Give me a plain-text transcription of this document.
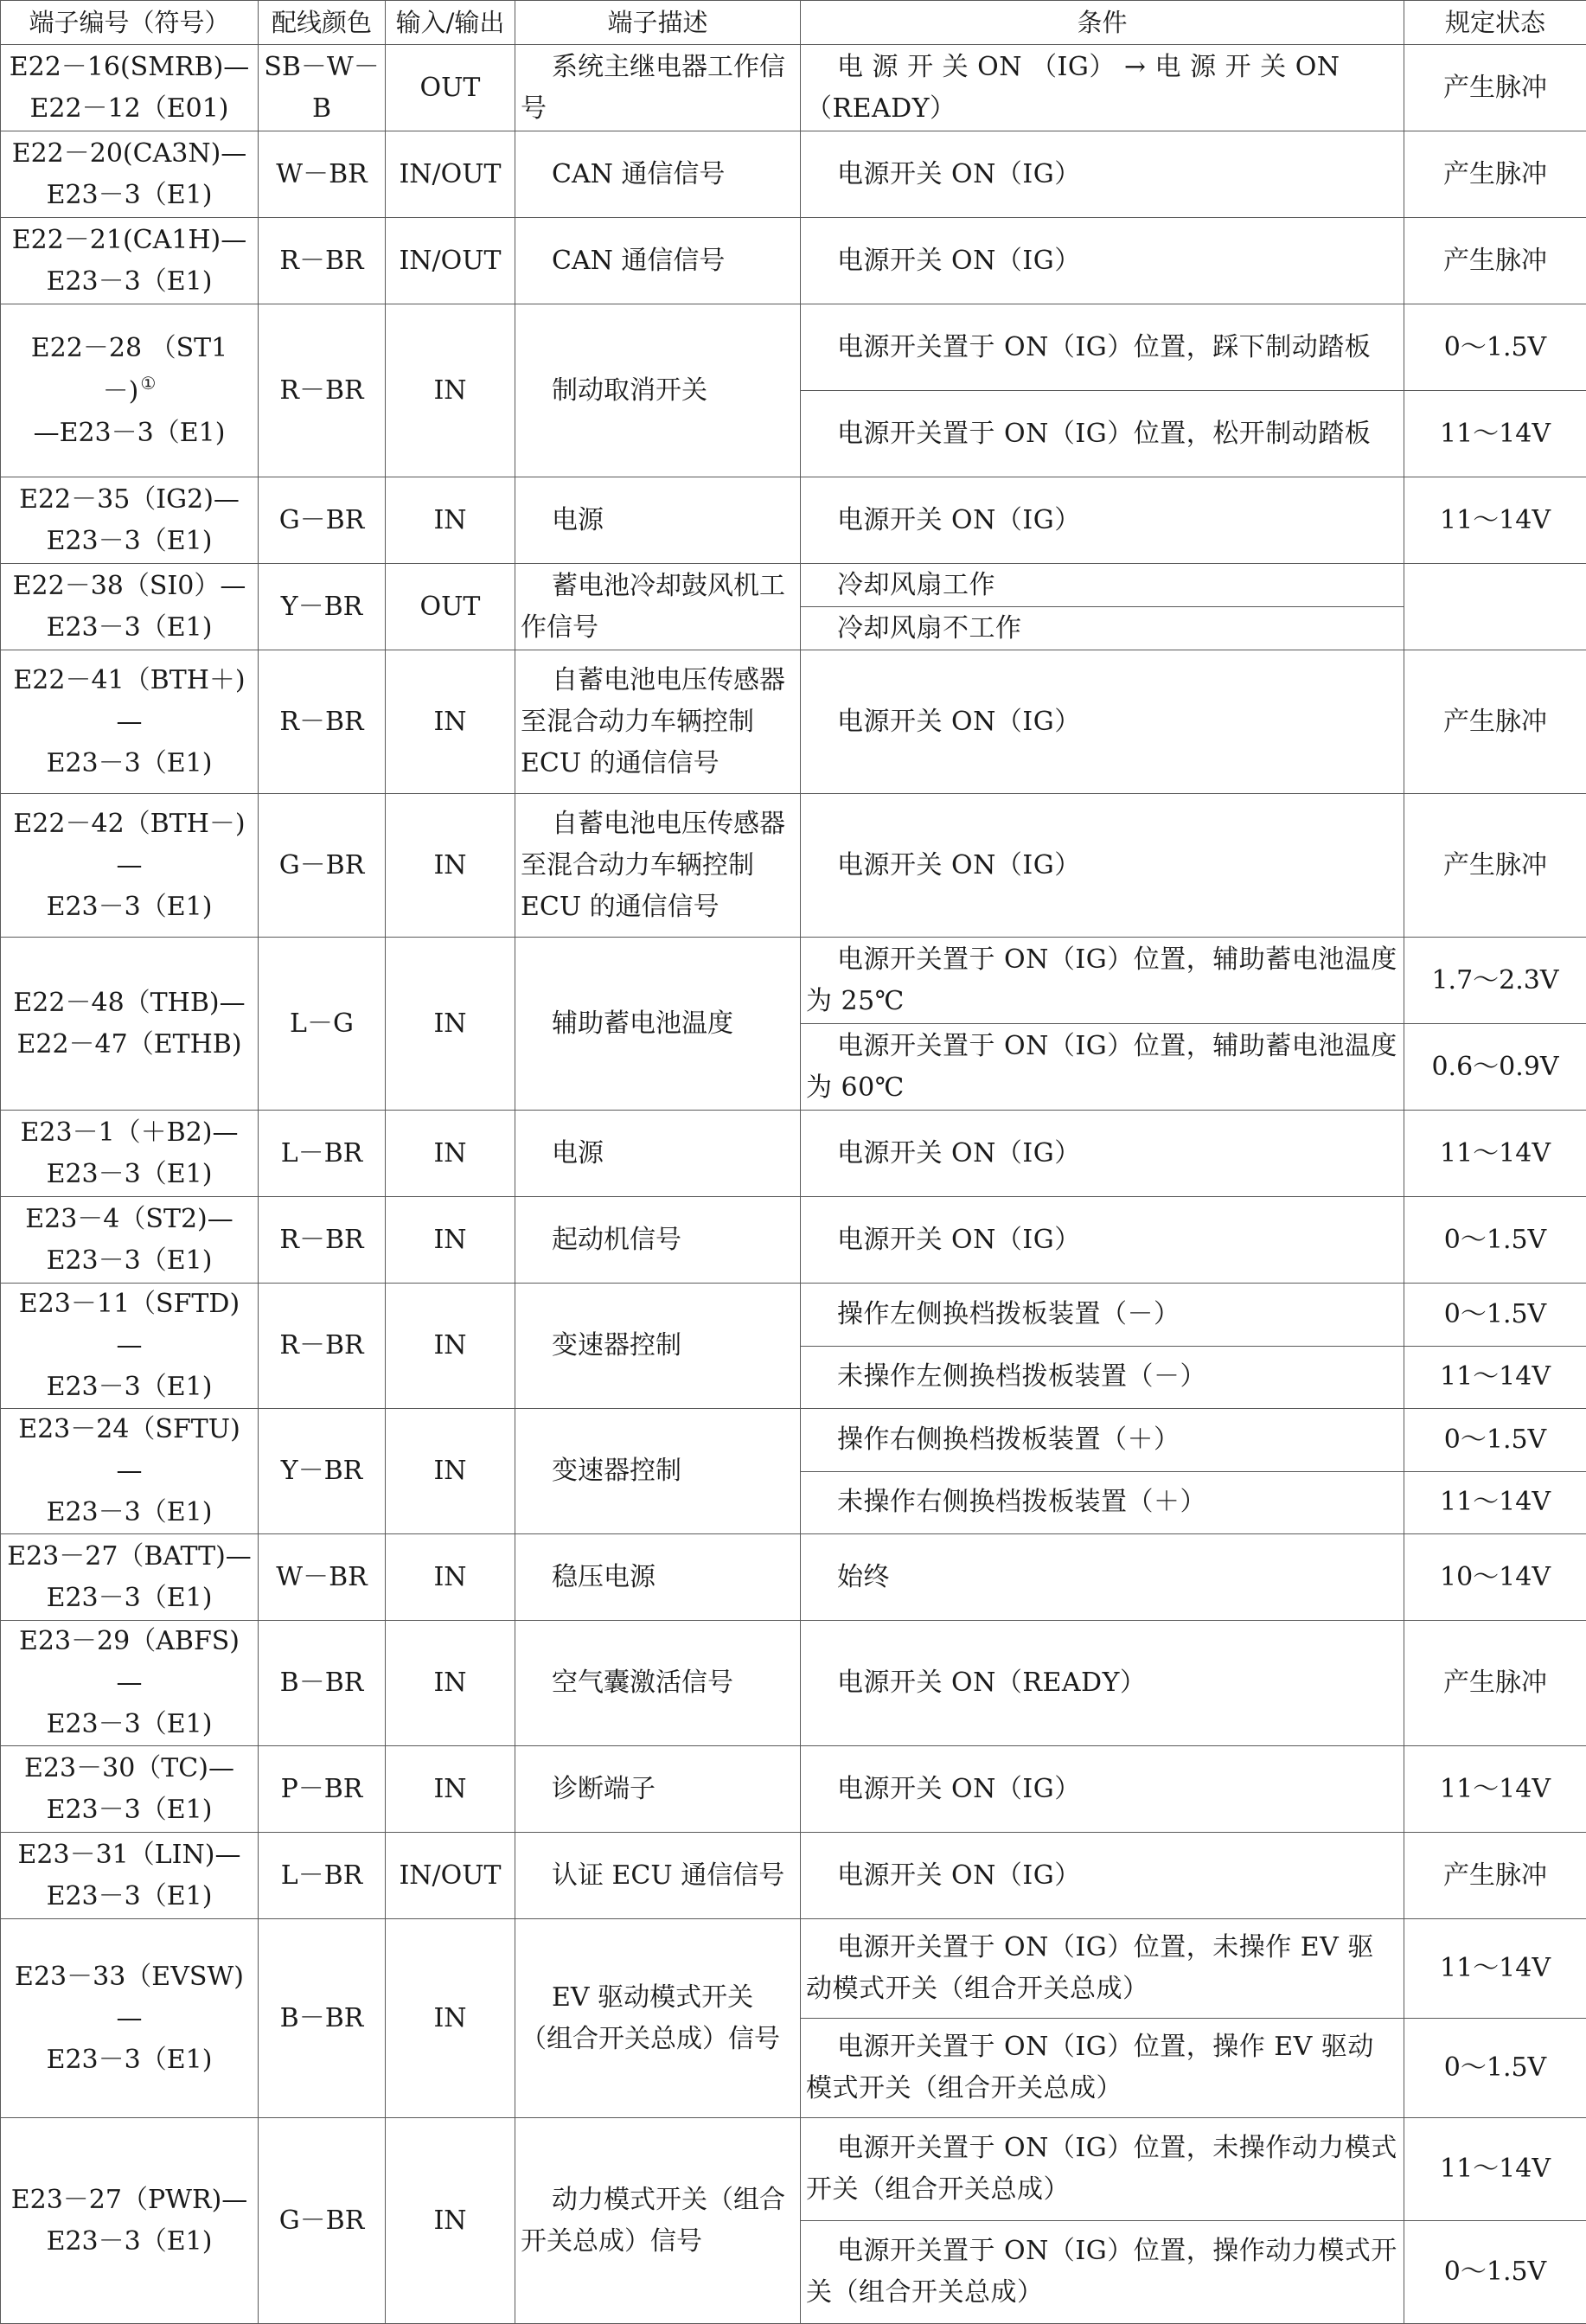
端子编号（符号）	配线颜色	输入/输出	端子描述	条件	规定状态

E22－16(SMRB)—
E22－12（E01)	SB－W－B	OUT	系统主继电器工作信号	电 源 开 关 ON （IG） → 电 源 开 关 ON（READY）	产生脉冲

E22－20(CA3N)—
E23－3（E1)	W－BR	IN/OUT	CAN 通信信号	电源开关 ON（IG）	产生脉冲

E22－21(CA1H)—
E23－3（E1)	R－BR	IN/OUT	CAN 通信信号	电源开关 ON（IG）	产生脉冲

E22－28 （ST1－) ①
—E23－3（E1)	R－BR	IN	制动取消开关	电源开关置于 ON（IG）位置，踩下制动踏板	0～1.5V
				电源开关置于 ON（IG）位置，松开制动踏板	11～14V

E22－35（IG2)—
E23－3（E1)	G－BR	IN	电源	电源开关 ON（IG）	11～14V

E22－38（SI0）—
E23－3（E1)	Y－BR	OUT	蓄电池冷却鼓风机工作信号	冷却风扇工作	
				冷却风扇不工作	

E22－41（BTH＋)—
E23－3（E1)	R－BR	IN	自蓄电池电压传感器至混合动力车辆控制 ECU 的通信信号	电源开关 ON（IG）	产生脉冲

E22－42（BTH－)—
E23－3（E1)	G－BR	IN	自蓄电池电压传感器至混合动力车辆控制 ECU 的通信信号	电源开关 ON（IG）	产生脉冲

E22－48（THB)—
E22－47（ETHB)	L－G	IN	辅助蓄电池温度	电源开关置于 ON（IG）位置，辅助蓄电池温度为 25℃	1.7～2.3V
				电源开关置于 ON（IG）位置，辅助蓄电池温度为 60℃	0.6～0.9V

E23－1（＋B2)—
E23－3（E1)	L－BR	IN	电源	电源开关 ON（IG）	11～14V

E23－4（ST2)—
E23－3（E1)	R－BR	IN	起动机信号	电源开关 ON（IG）	0～1.5V

E23－11（SFTD)—
E23－3（E1)	R－BR	IN	变速器控制	操作左侧换档拨板装置（－）	0～1.5V
				未操作左侧换档拨板装置（－）	11～14V

E23－24（SFTU)—
E23－3（E1)	Y－BR	IN	变速器控制	操作右侧换档拨板装置（＋）	0～1.5V
				未操作右侧换档拨板装置（＋）	11～14V

E23－27（BATT)—
E23－3（E1)	W－BR	IN	稳压电源	始终	10～14V

E23－29（ABFS)—
E23－3（E1)	B－BR	IN	空气囊激活信号	电源开关 ON（READY）	产生脉冲

E23－30（TC)—
E23－3（E1)	P－BR	IN	诊断端子	电源开关 ON（IG）	11～14V

E23－31（LIN)—
E23－3（E1)	L－BR	IN/OUT	认证 ECU 通信信号	电源开关 ON（IG）	产生脉冲

E23－33（EVSW)—
E23－3（E1)	B－BR	IN	EV 驱动模式开关（组合开关总成）信号	电源开关置于 ON（IG）位置，未操作 EV 驱动模式开关（组合开关总成）	11～14V
				电源开关置于 ON（IG）位置，操作 EV 驱动模式开关（组合开关总成）	0～1.5V

E23－27（PWR)—
E23－3（E1)	G－BR	IN	动力模式开关（组合开关总成）信号	电源开关置于 ON（IG）位置，未操作动力模式开关（组合开关总成）	11～14V
				电源开关置于 ON（IG）位置，操作动力模式开关（组合开关总成）	0～1.5V
